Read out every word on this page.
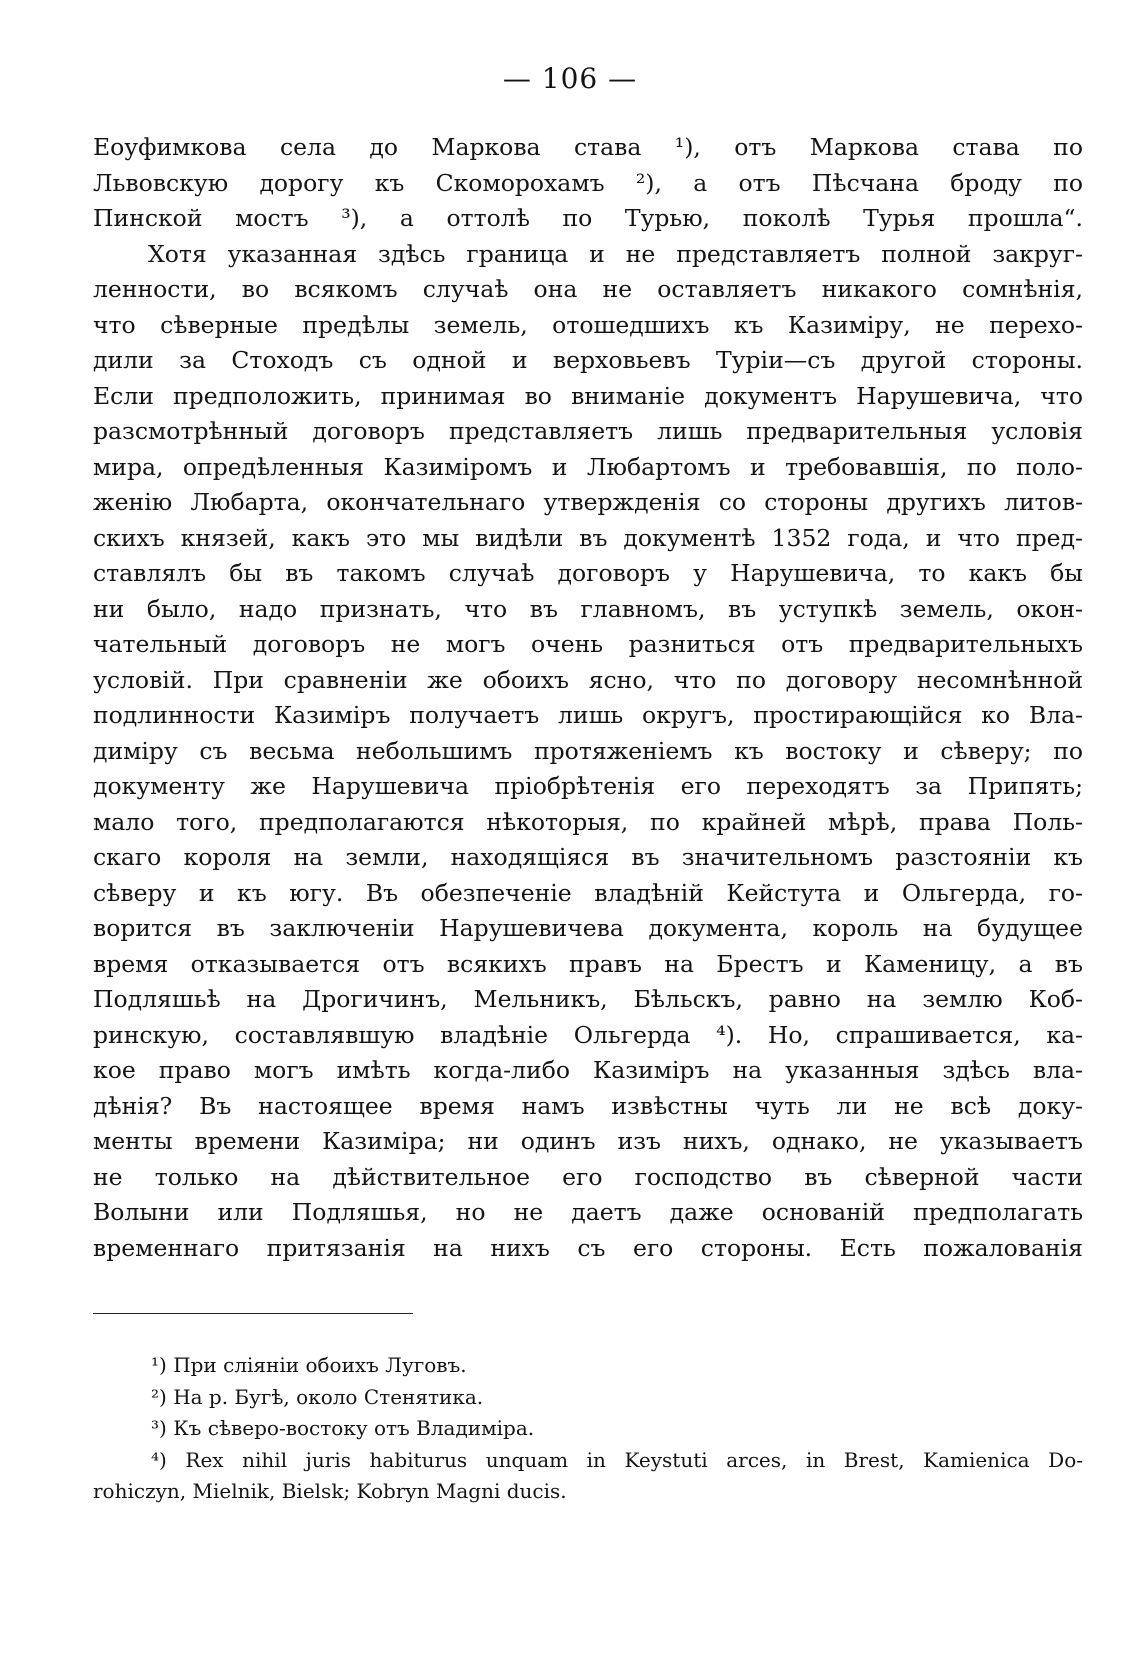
— 106 —
Еоуфимкова села до Маркова става ¹), отъ Маркова става по
Львовскую дорогу къ Скоморохамъ ²), а отъ Пѣсчана броду по
Пинской мостъ ³), а оттолѣ по Турью, поколѣ Турья прошла“.
Хотя указанная здѣсь граница и не представляетъ полной закруг-
ленности, во всякомъ случаѣ она не оставляетъ никакого сомнѣнія,
что сѣверные предѣлы земель, отошедшихъ къ Казиміру, не перехо-
дили за Стоходъ съ одной и верховьевъ Туріи—съ другой стороны.
Если предположить, принимая во вниманіе документъ Нарушевича, что
разсмотрѣнный договоръ представляетъ лишь предварительныя условія
мира, опредѣленныя Казиміромъ и Любартомъ и требовавшія, по поло-
женію Любарта, окончательнаго утвержденія со стороны другихъ литов-
скихъ князей, какъ это мы видѣли въ документѣ 1352 года, и что пред-
ставлялъ бы въ такомъ случаѣ договоръ у Нарушевича, то какъ бы
ни было, надо признать, что въ главномъ, въ уступкѣ земель, окон-
чательный договоръ не могъ очень разниться отъ предварительныхъ
условій. При сравненіи же обоихъ ясно, что по договору несомнѣнной
подлинности Казиміръ получаетъ лишь округъ, простирающійся ко Вла-
диміру съ весьма небольшимъ протяженіемъ къ востоку и сѣверу; по
документу же Нарушевича пріобрѣтенія его переходятъ за Припять;
мало того, предполагаются нѣкоторыя, по крайней мѣрѣ, права Поль-
скаго короля на земли, находящіяся въ значительномъ разстояніи къ
сѣверу и къ югу. Въ обезпеченіе владѣній Кейстута и Ольгерда, го-
ворится въ заключеніи Нарушевичева документа, король на будущее
время отказывается отъ всякихъ правъ на Брестъ и Каменицу, а въ
Подляшьѣ на Дрогичинъ, Мельникъ, Бѣльскъ, равно на землю Коб-
ринскую, составлявшую владѣніе Ольгерда ⁴). Но, спрашивается, ка-
кое право могъ имѣть когда-либо Казиміръ на указанныя здѣсь вла-
дѣнія? Въ настоящее время намъ извѣстны чуть ли не всѣ доку-
менты времени Казиміра; ни одинъ изъ нихъ, однако, не указываетъ
не только на дѣйствительное его господство въ сѣверной части
Волыни или Подляшья, но не даетъ даже основаній предполагать
временнаго притязанія на нихъ съ его стороны. Есть пожалованія
¹) При сліяніи обоихъ Луговъ.
²) На р. Бугѣ, около Стенятика.
³) Къ сѣверо-востоку отъ Владиміра.
⁴) Rex nihil juris habiturus unquam in Keystuti arces, in Brest, Kamienica Do-
rohiczyn, Mielnik, Bielsk; Kobryn Magni ducis.
